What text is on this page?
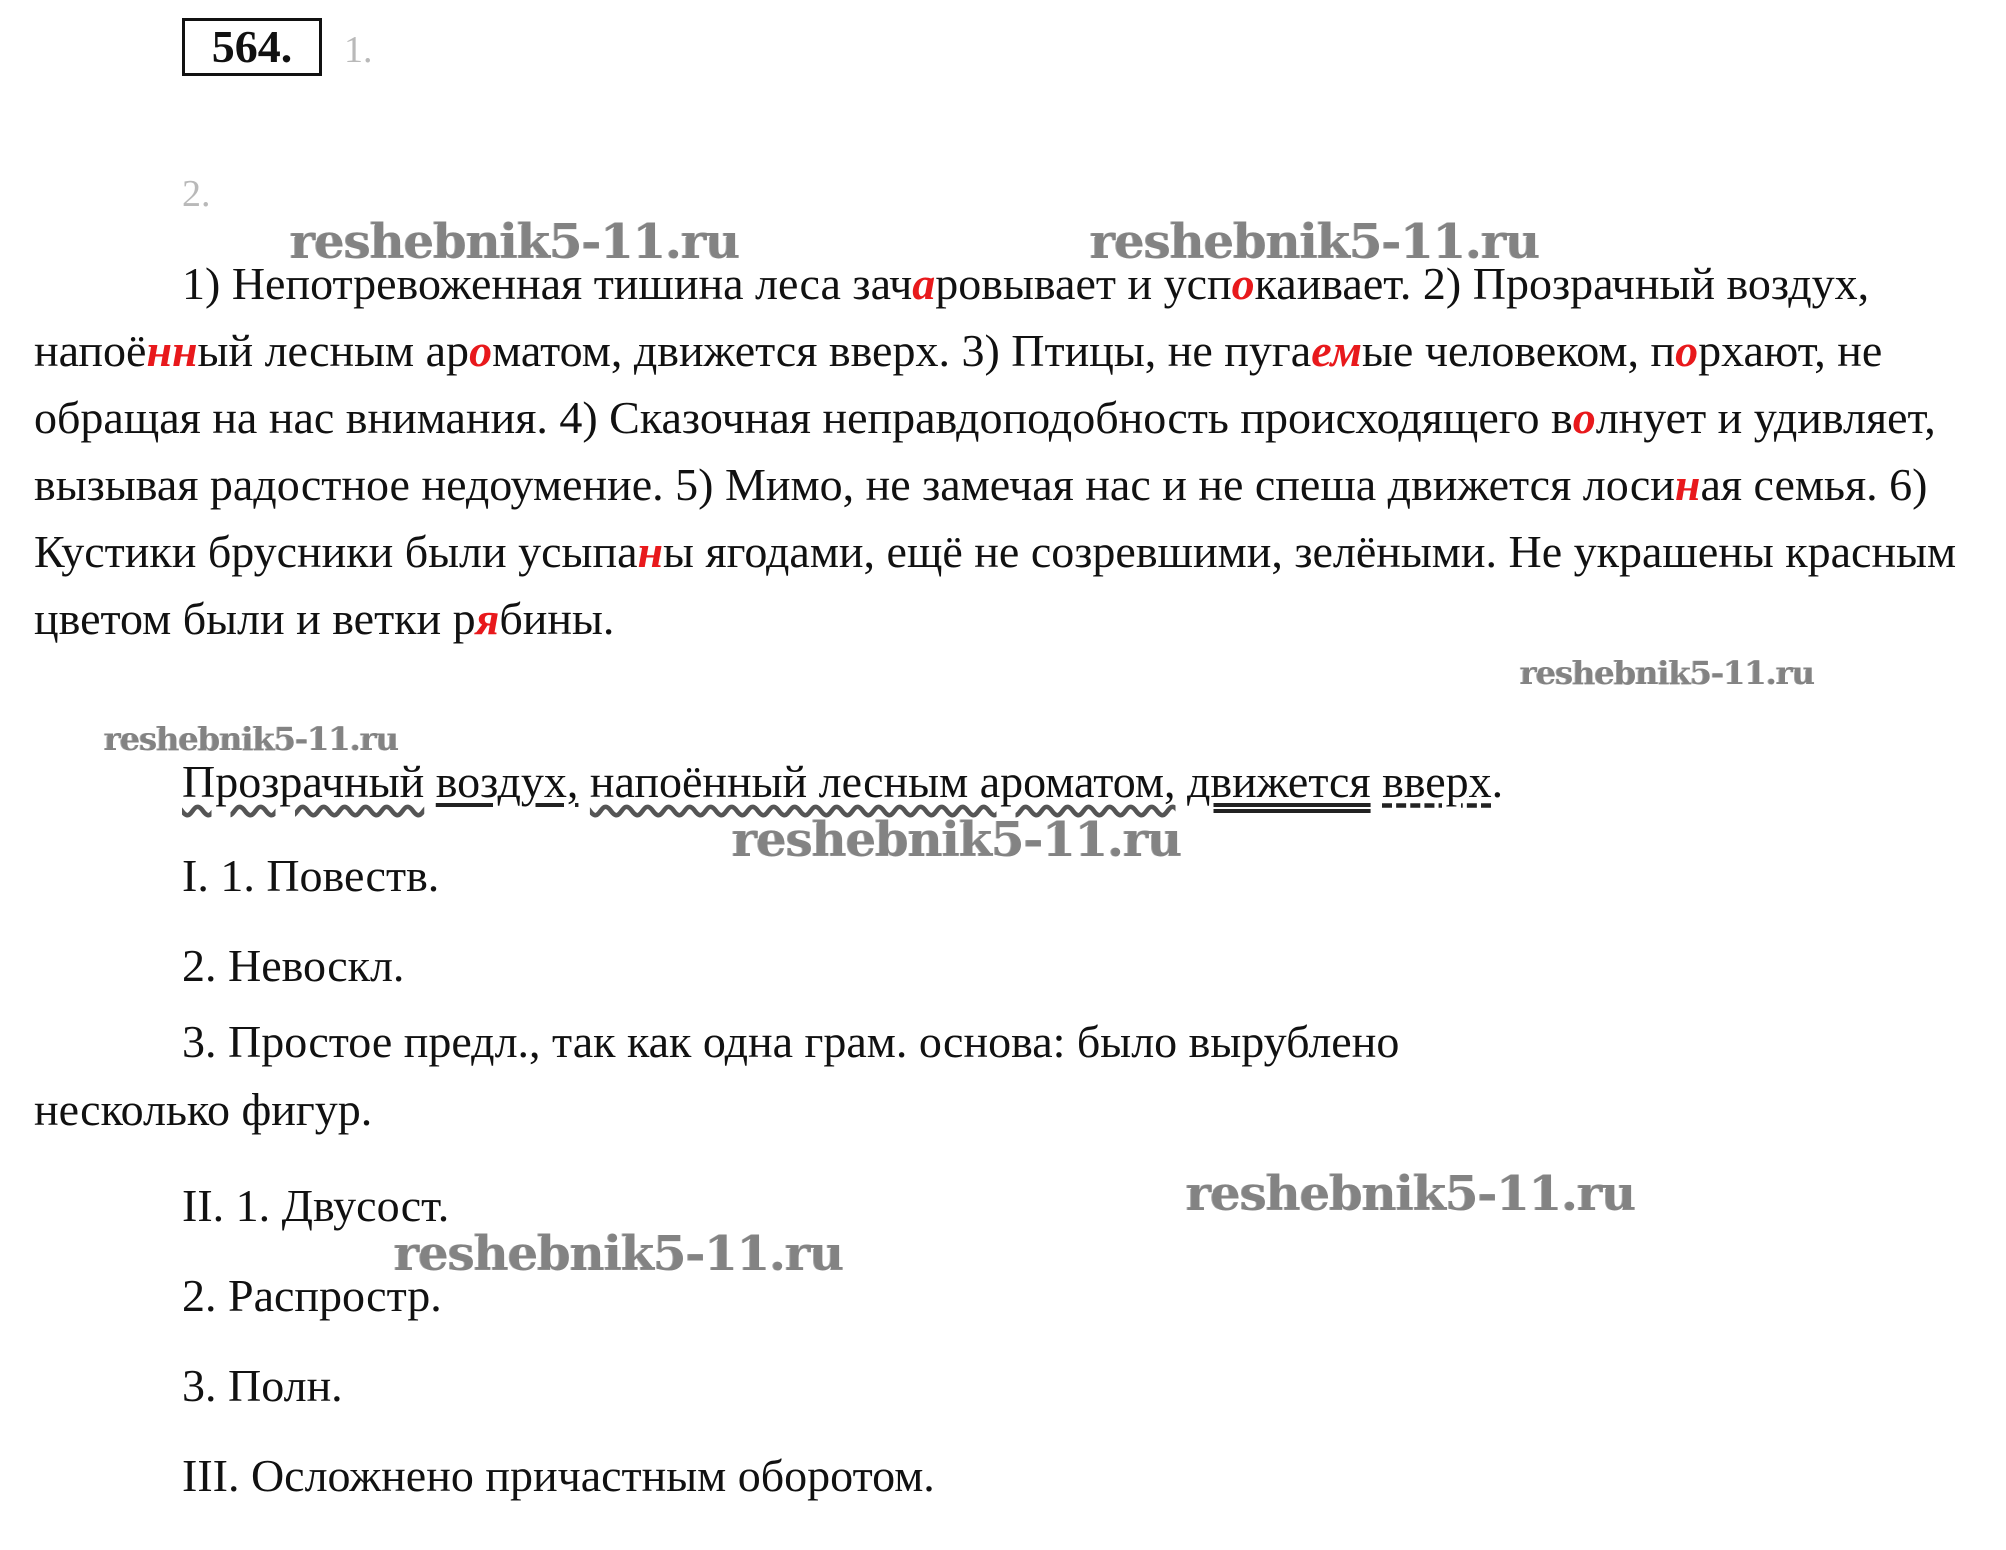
564.	1.
2.
reshebnik5-11.ru	reshebnik5-11.ru
1) Непотревоженная тишина леса зачаровывает и успокаивает. 2) Прозрачный воздух, напоённый лесным ароматом, движется вверх. 3) Птицы, не пугаемые человеком, порхают, не обращая на нас внимания. 4) Сказочная неправдоподобность происходящего волнует и удивляет, вызывая радостное недоумение. 5) Мимо, не замечая нас и не спеша движется лосиная семья. 6) Кустики брусники были усыпаны ягодами, ещё не созревшими, зелёными. Не украшены красным цветом были и ветки рябины.
reshebnik5-11.ru
reshebnik5-11.ru
Прозрачный воздух, напоённый лесным ароматом, движется вверх.
reshebnik5-11.ru
I. 1. Повеств.
2. Невоскл.
3. Простое предл., так как одна грам. основа: было вырублено
несколько фигур.
reshebnik5-11.ru
II. 1. Двусост.
reshebnik5-11.ru
2. Распростр.
3. Полн.
III. Осложнено причастным оборотом.
